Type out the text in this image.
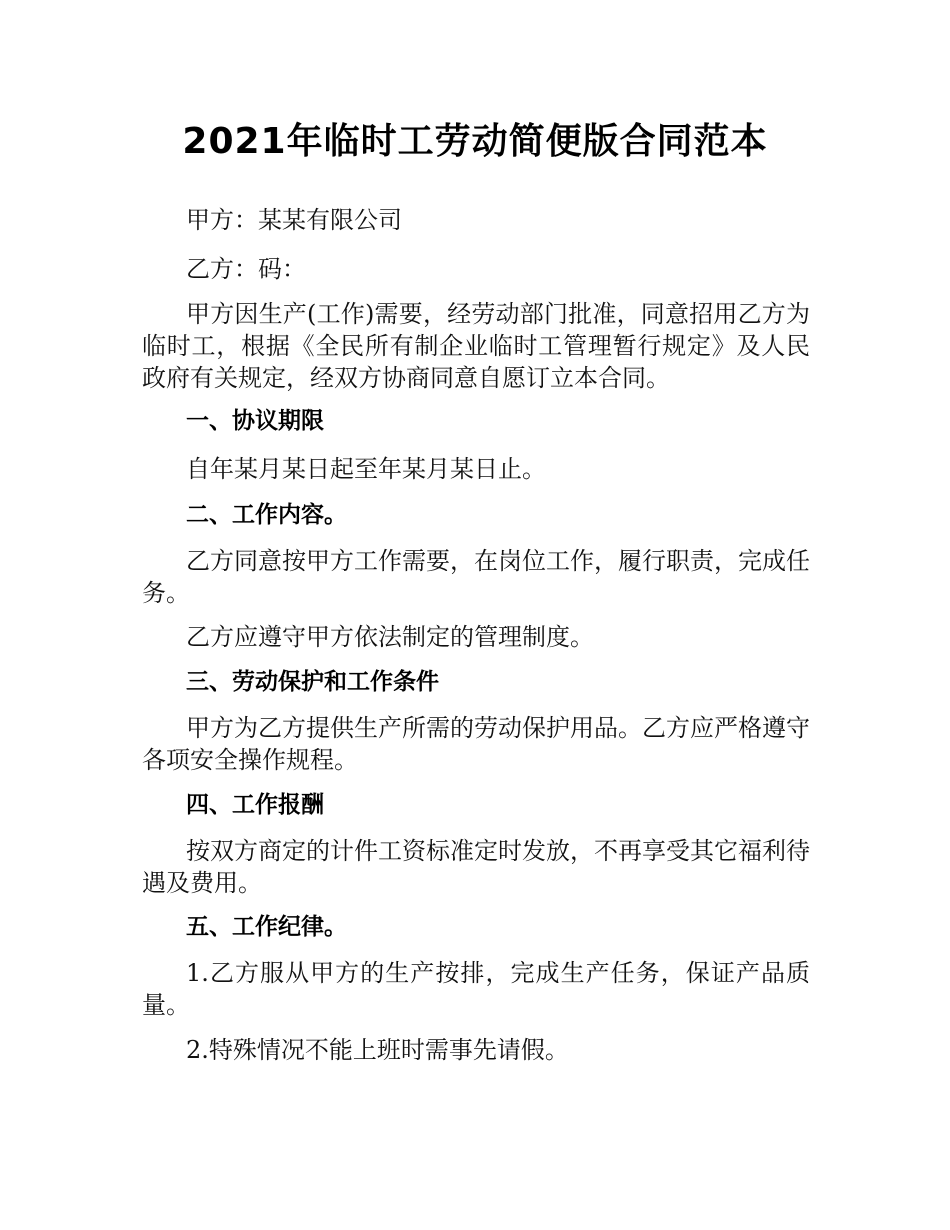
2021年临时工劳动简便版合同范本
甲方：某某有限公司
乙方：码：
甲方因生产(工作)需要，经劳动部门批准，同意招用乙方为临时工，根据《全民所有制企业临时工管理暂行规定》及人民政府有关规定，经双方协商同意自愿订立本合同。
一、协议期限
自年某月某日起至年某月某日止。
二、工作内容。
乙方同意按甲方工作需要，在岗位工作，履行职责，完成任务。
乙方应遵守甲方依法制定的管理制度。
三、劳动保护和工作条件
甲方为乙方提供生产所需的劳动保护用品。乙方应严格遵守各项安全操作规程。
四、工作报酬
按双方商定的计件工资标准定时发放，不再享受其它福利待遇及费用。
五、工作纪律。
1.乙方服从甲方的生产按排，完成生产任务，保证产品质量。
2.特殊情况不能上班时需事先请假。
